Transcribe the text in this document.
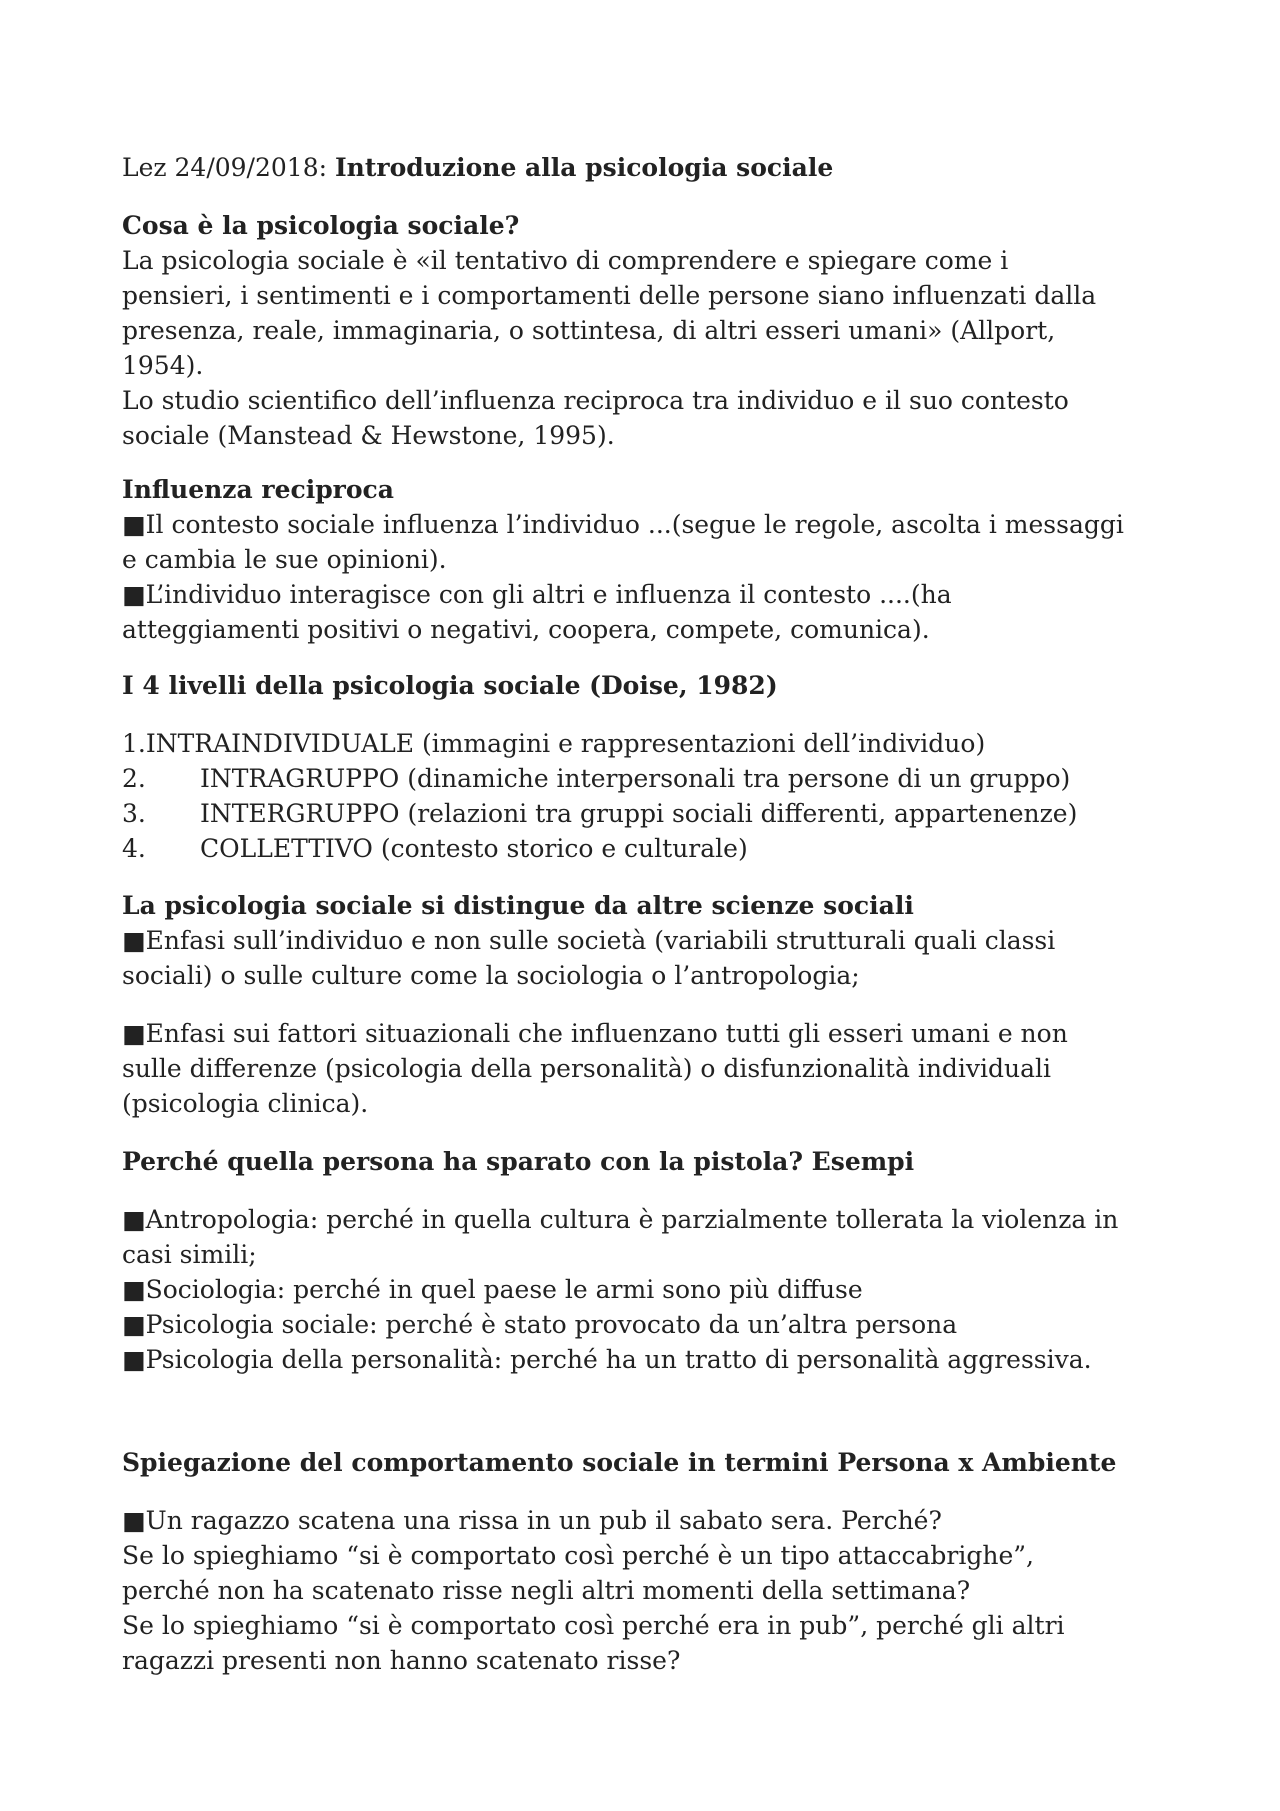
Lez 24/09/2018: Introduzione alla psicologia sociale
Cosa è la psicologia sociale?
La psicologia sociale è «il tentativo di comprendere e spiegare come i
pensieri, i sentimenti e i comportamenti delle persone siano influenzati dalla
presenza, reale, immaginaria, o sottintesa, di altri esseri umani» (Allport,
1954).
Lo studio scientifico dell’influenza reciproca tra individuo e il suo contesto
sociale (Manstead & Hewstone, 1995).
Influenza reciproca
■Il contesto sociale influenza l’individuo ...(segue le regole, ascolta i messaggi
e cambia le sue opinioni).
■L’individuo interagisce con gli altri e influenza il contesto ....(ha
atteggiamenti positivi o negativi, coopera, compete, comunica).
I 4 livelli della psicologia sociale (Doise, 1982)
1.INTRAINDIVIDUALE (immagini e rappresentazioni dell’individuo)
2. INTRAGRUPPO (dinamiche interpersonali tra persone di un gruppo)
3. INTERGRUPPO (relazioni tra gruppi sociali differenti, appartenenze)
4. COLLETTIVO (contesto storico e culturale)
La psicologia sociale si distingue da altre scienze sociali
■Enfasi sull’individuo e non sulle società (variabili strutturali quali classi
sociali) o sulle culture come la sociologia o l’antropologia;
■Enfasi sui fattori situazionali che influenzano tutti gli esseri umani e non
sulle differenze (psicologia della personalità) o disfunzionalità individuali
(psicologia clinica).
Perché quella persona ha sparato con la pistola? Esempi
■Antropologia: perché in quella cultura è parzialmente tollerata la violenza in
casi simili;
■Sociologia: perché in quel paese le armi sono più diffuse
■Psicologia sociale: perché è stato provocato da un’altra persona
■Psicologia della personalità: perché ha un tratto di personalità aggressiva.
Spiegazione del comportamento sociale in termini Persona x Ambiente
■Un ragazzo scatena una rissa in un pub il sabato sera. Perché?
Se lo spieghiamo “si è comportato così perché è un tipo attaccabrighe”,
perché non ha scatenato risse negli altri momenti della settimana?
Se lo spieghiamo “si è comportato così perché era in pub”, perché gli altri
ragazzi presenti non hanno scatenato risse?
